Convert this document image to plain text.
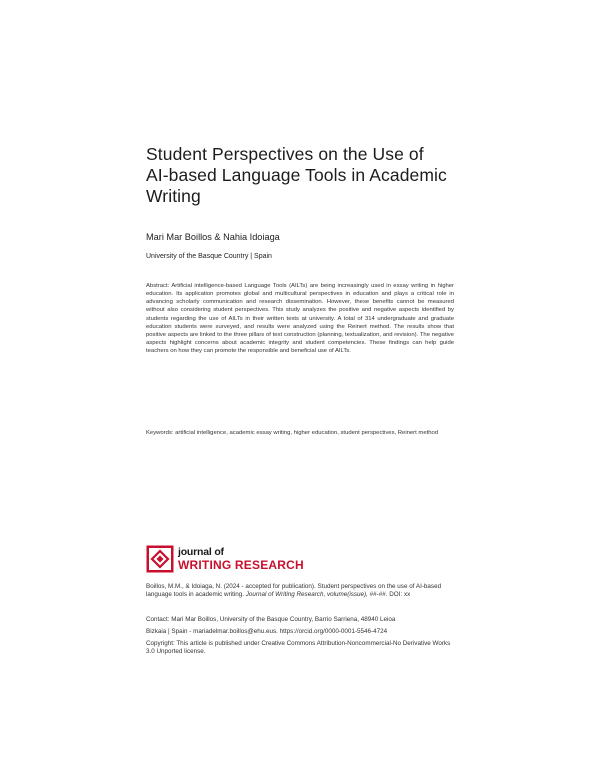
Student Perspectives on the Use of
AI-based Language Tools in Academic
Writing
Mari Mar Boillos & Nahia Idoiaga
University of the Basque Country | Spain
Abstract: Artificial intelligence-based Language Tools (AILTs) are being increasingly used in essay writing in higher education. Its application promotes global and multicultural perspectives in education and plays a critical role in advancing scholarly communication and research dissemination. However, these benefits cannot be measured without also considering student perspectives. This study analyzes the positive and negative aspects identified by students regarding the use of AILTs in their written texts at university. A total of 314 undergraduate and graduate education students were surveyed, and results were analyzed using the Reinert method. The results show that positive aspects are linked to the three pillars of text construction (planning, textualization, and revision). The negative aspects highlight concerns about academic integrity and student competencies. These findings can help guide teachers on how they can promote the responsible and beneficial use of AILTs.
Keywords: artificial intelligence, academic essay writing, higher education, student perspectives, Reinert method
journal of
WRITING RESEARCH
Boillos, M.M., & Idoiaga, N. (2024 - accepted for publication). Student perspectives on the use of AI-based language tools in academic writing. Journal of Writing Research, volume(issue), ##-##. DOI: xx
Contact: Mari Mar Boillos, University of the Basque Country, Barrio Sarriena, 48940 Leioa
Bizkaia | Spain - mariadelmar.boillos@ehu.eus. https://orcid.org/0000-0001-5546-4724
Copyright: This article is published under Creative Commons Attribution-Noncommercial-No Derivative Works 3.0 Unported license.
